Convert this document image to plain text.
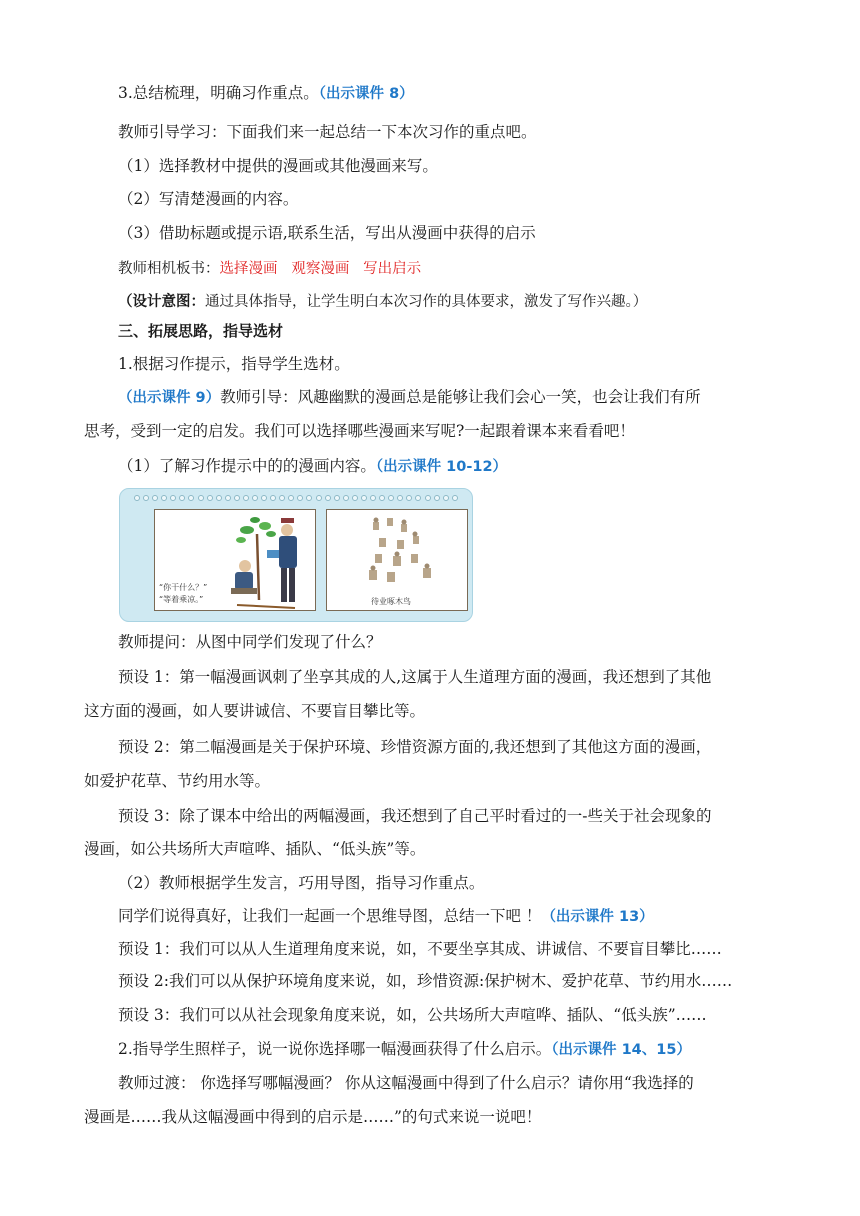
3.总结梳理，明确习作重点。（出示课件 8）
教师引导学习：下面我们来一起总结一下本次习作的重点吧。
（1）选择教材中提供的漫画或其他漫画来写。
（2）写清楚漫画的内容。
（3）借助标题或提示语,联系生活，写出从漫画中获得的启示
教师相机板书：选择漫画   观察漫画   写出启示
（设计意图：通过具体指导，让学生明白本次习作的具体要求，激发了写作兴趣。）
三、拓展思路，指导选材
1.根据习作提示，指导学生选材。
（出示课件 9）教师引导：风趣幽默的漫画总是能够让我们会心一笑，也会让我们有所
思考，受到一定的启发。我们可以选择哪些漫画来写呢?一起跟着课本来看看吧！
（1）了解习作提示中的的漫画内容。（出示课件 10-12）
“你干什么？”
“等着乘凉。”	待业啄木鸟
教师提问：从图中同学们发现了什么？
预设 1：第一幅漫画讽刺了坐享其成的人,这属于人生道理方面的漫画，我还想到了其他
这方面的漫画，如人要讲诚信、不要盲目攀比等。
预设 2：第二幅漫画是关于保护环境、珍惜资源方面的,我还想到了其他这方面的漫画，
如爱护花草、节约用水等。
预设 3：除了课本中给出的两幅漫画，我还想到了自己平时看过的一-些关于社会现象的
漫画，如公共场所大声喧哗、插队、“低头族”等。
（2）教师根据学生发言，巧用导图，指导习作重点。
同学们说得真好，让我们一起画一个思维导图，总结一下吧 ！（出示课件 13）
预设 1：我们可以从人生道理角度来说，如，不要坐享其成、讲诚信、不要盲目攀比……
预设 2:我们可以从保护环境角度来说，如，珍惜资源:保护树木、爱护花草、节约用水……
预设 3：我们可以从社会现象角度来说，如，公共场所大声喧哗、插队、“低头族”……
2.指导学生照样子，说一说你选择哪一幅漫画获得了什么启示。（出示课件 14、15）
教师过渡： 你选择写哪幅漫画？ 你从这幅漫画中得到了什么启示？请你用“我选择的
漫画是……我从这幅漫画中得到的启示是……”的句式来说一说吧！
